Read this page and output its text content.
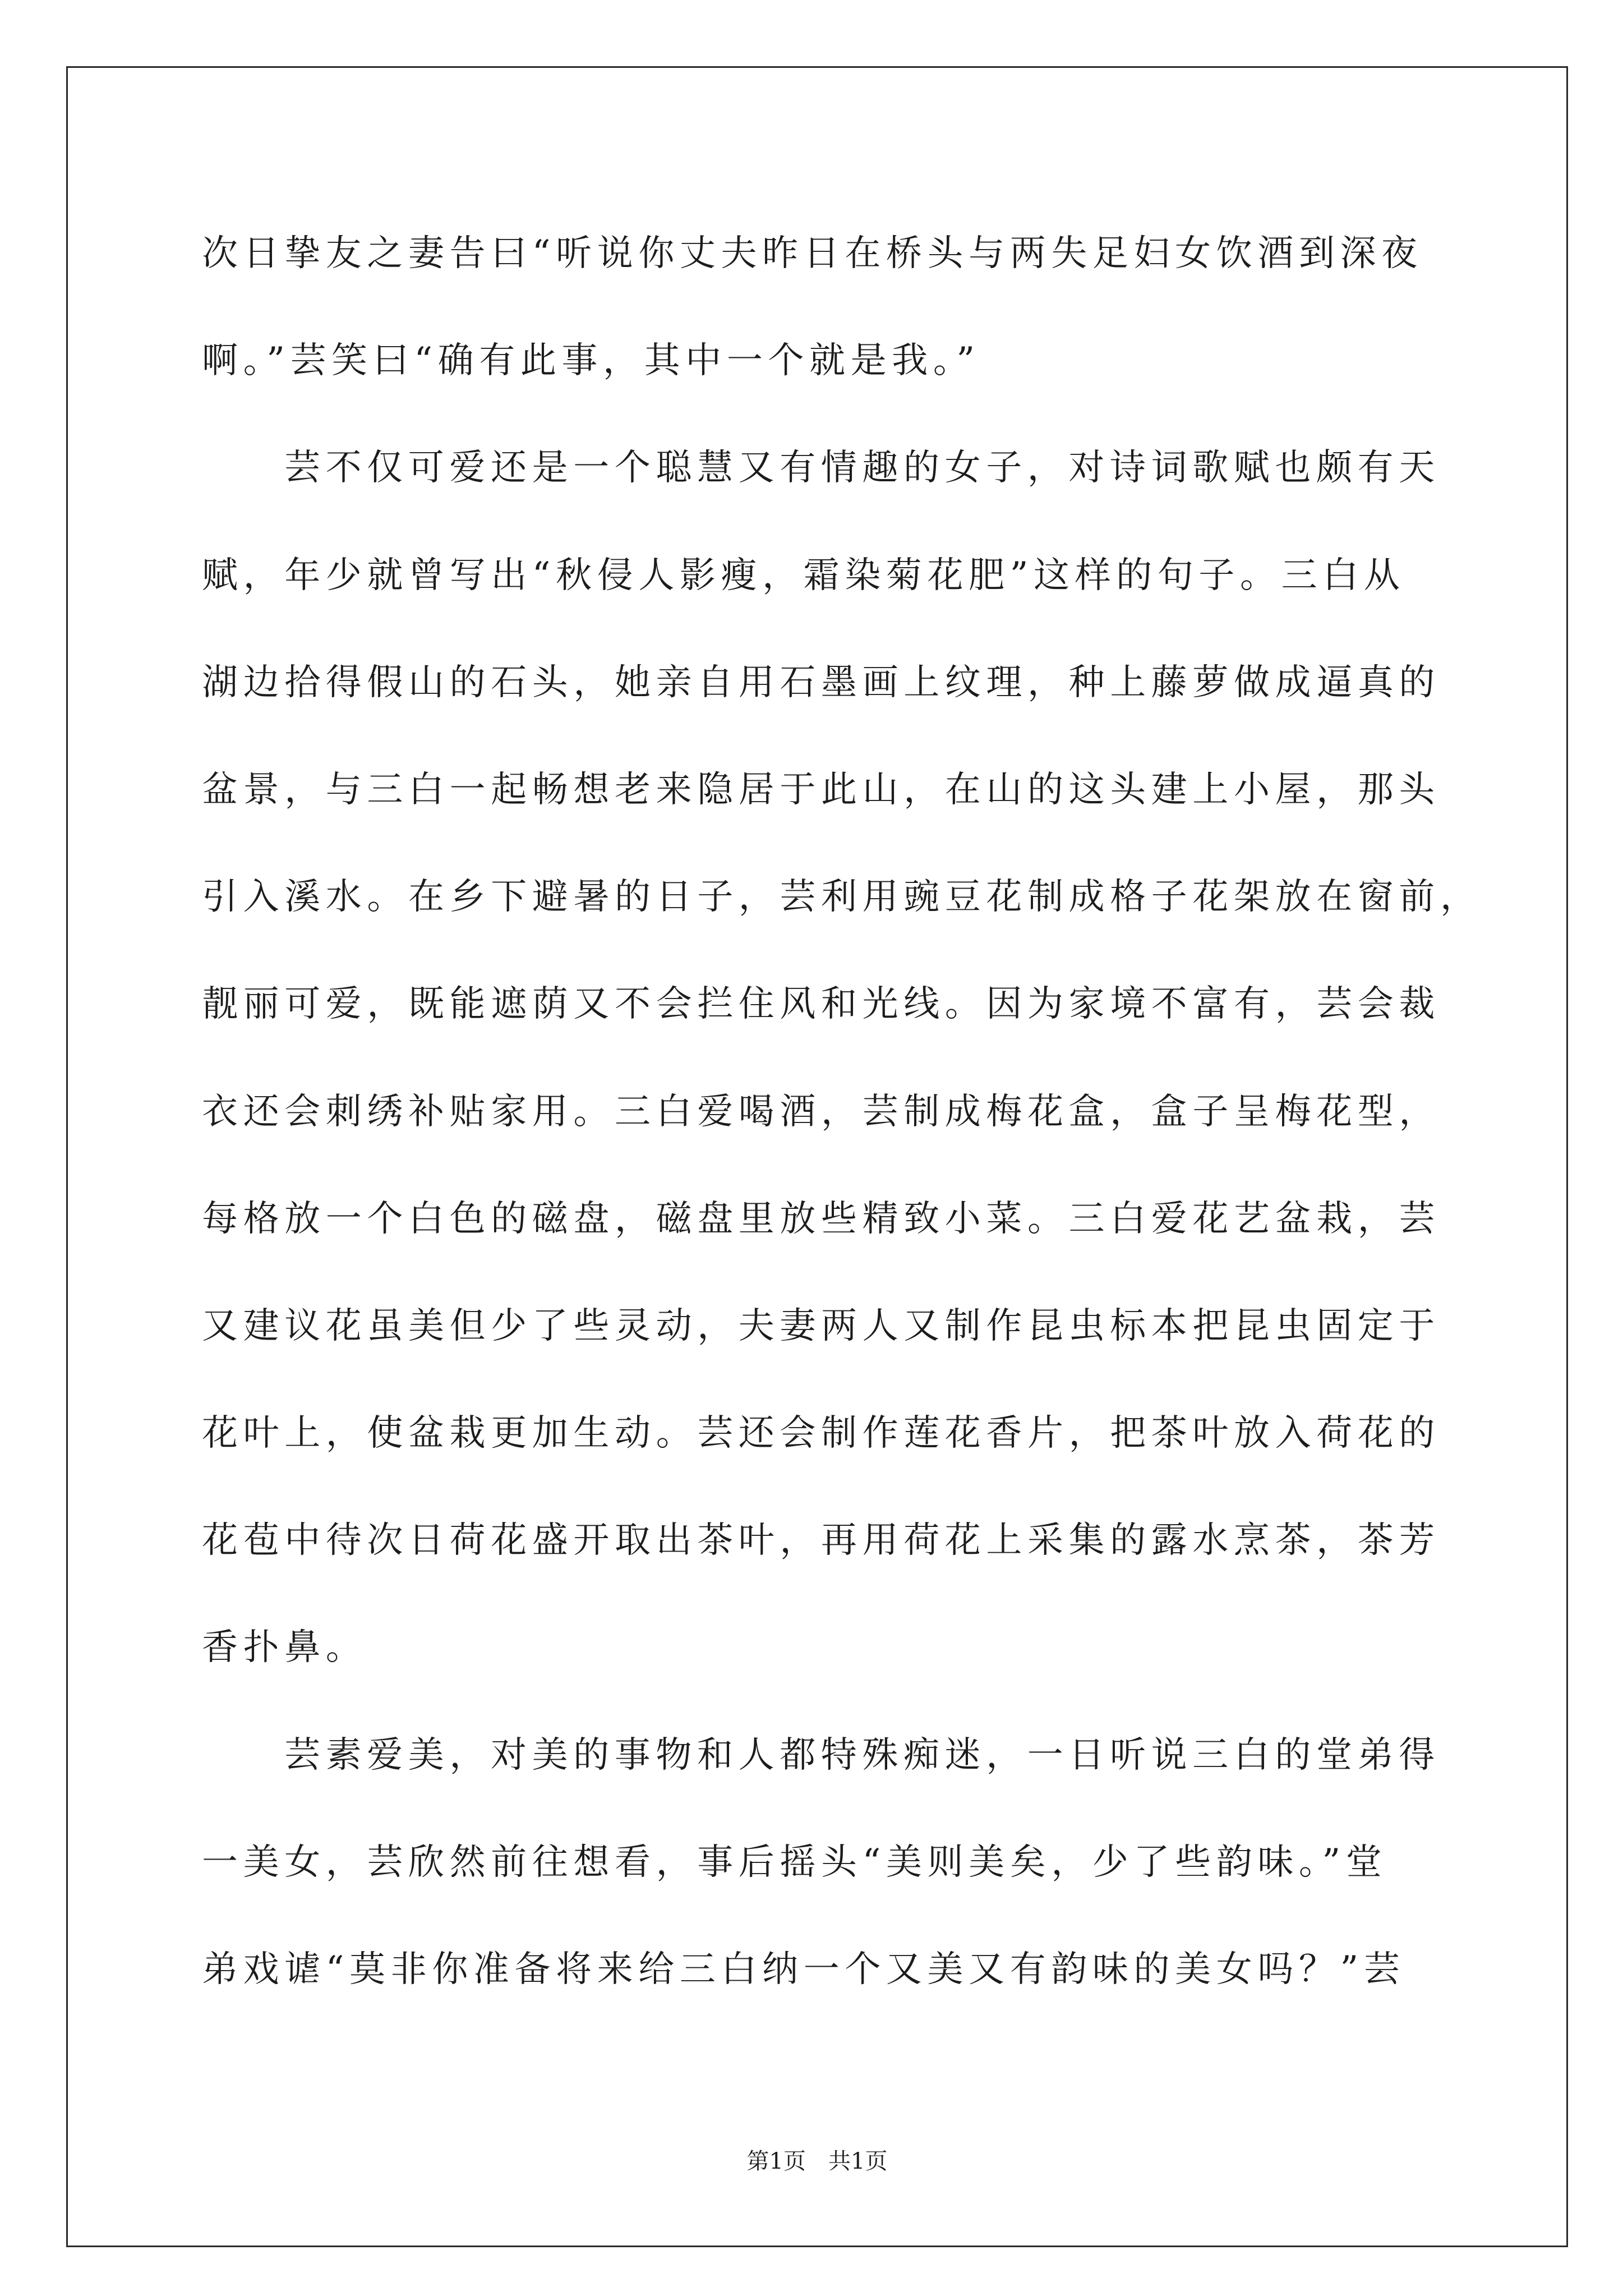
次日挚友之妻告曰“听说你丈夫昨日在桥头与两失足妇女饮酒到深夜
啊。”芸笑曰“确有此事，其中一个就是我。”
芸不仅可爱还是一个聪慧又有情趣的女子，对诗词歌赋也颇有天
赋，年少就曾写出“秋侵人影瘦，霜染菊花肥”这样的句子。三白从
湖边拾得假山的石头，她亲自用石墨画上纹理，种上藤萝做成逼真的
盆景，与三白一起畅想老来隐居于此山，在山的这头建上小屋，那头
引入溪水。在乡下避暑的日子，芸利用豌豆花制成格子花架放在窗前，
靓丽可爱，既能遮荫又不会拦住风和光线。因为家境不富有，芸会裁
衣还会刺绣补贴家用。三白爱喝酒，芸制成梅花盒，盒子呈梅花型，
每格放一个白色的磁盘，磁盘里放些精致小菜。三白爱花艺盆栽，芸
又建议花虽美但少了些灵动，夫妻两人又制作昆虫标本把昆虫固定于
花叶上，使盆栽更加生动。芸还会制作莲花香片，把茶叶放入荷花的
花苞中待次日荷花盛开取出茶叶，再用荷花上采集的露水烹茶，茶芳
香扑鼻。
芸素爱美，对美的事物和人都特殊痴迷，一日听说三白的堂弟得
一美女，芸欣然前往想看，事后摇头“美则美矣，少了些韵味。”堂
弟戏谑“莫非你准备将来给三白纳一个又美又有韵味的美女吗？”芸
第1页　共1页
